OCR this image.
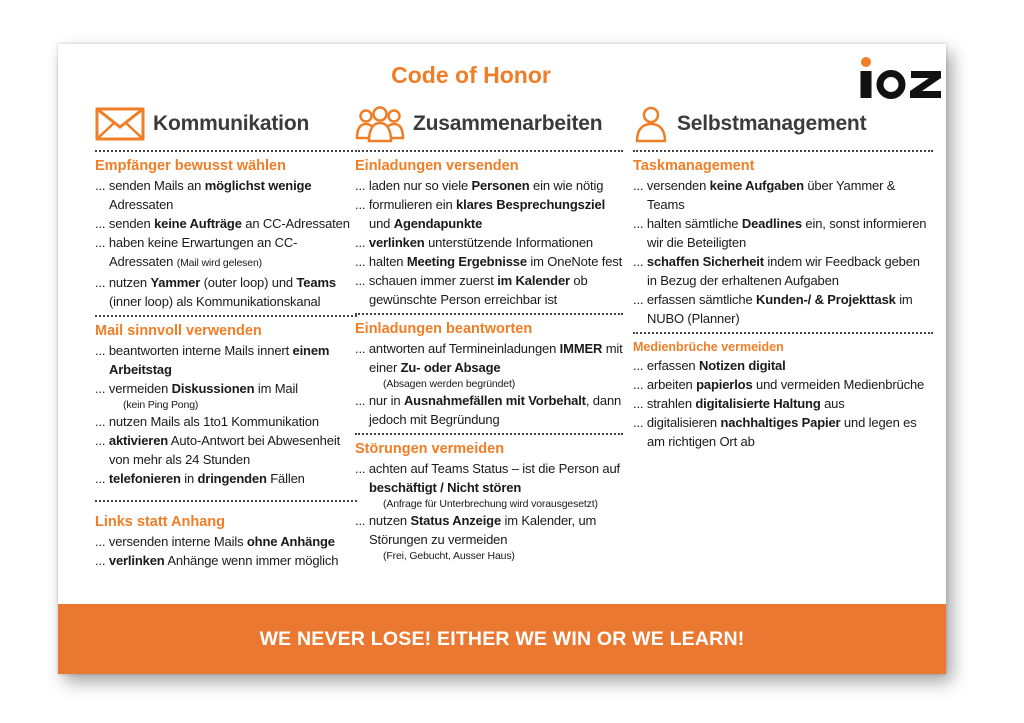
Code of Honor
Kommunikation
Empfänger bewusst wählen
... senden Mails an möglichst wenige Adressaten
... senden keine Aufträge an CC-Adressaten
... haben keine Erwartungen an CC-Adressaten (Mail wird gelesen)
... nutzen Yammer (outer loop) und Teams (inner loop) als Kommunikationskanal
Mail sinnvoll verwenden
... beantworten interne Mails innert einem Arbeitstag
... vermeiden Diskussionen im Mail
(kein Ping Pong)
... nutzen Mails als 1to1 Kommunikation
... aktivieren Auto-Antwort bei Abwesenheit von mehr als 24 Stunden
... telefonieren in dringenden Fällen
Links statt Anhang
... versenden interne Mails ohne Anhänge
... verlinken Anhänge wenn immer möglich
Zusammenarbeiten
Einladungen versenden
... laden nur so viele Personen ein wie nötig
... formulieren ein klares Besprechungsziel und Agendapunkte
... verlinken unterstützende Informationen
... halten Meeting Ergebnisse im OneNote fest
... schauen immer zuerst im Kalender ob gewünschte Person erreichbar ist
Einladungen beantworten
... antworten auf Termineinladungen IMMER mit einer Zu- oder Absage
(Absagen werden begründet)
... nur in Ausnahmefällen mit Vorbehalt, dann jedoch mit Begründung
Störungen vermeiden
... achten auf Teams Status – ist die Person auf beschäftigt / Nicht stören
(Anfrage für Unterbrechung wird vorausgesetzt)
... nutzen Status Anzeige im Kalender, um Störungen zu vermeiden
(Frei, Gebucht, Ausser Haus)
Selbstmanagement
Taskmanagement
... versenden keine Aufgaben über Yammer & Teams
... halten sämtliche Deadlines ein, sonst informieren wir die Beteiligten
... schaffen Sicherheit indem wir Feedback geben in Bezug der erhaltenen Aufgaben
... erfassen sämtliche Kunden-/ & Projekttask im NUBO (Planner)
Medienbrüche vermeiden
... erfassen Notizen digital
... arbeiten papierlos und vermeiden Medienbrüche
... strahlen digitalisierte Haltung aus
... digitalisieren nachhaltiges Papier und legen es am richtigen Ort ab
WE NEVER LOSE! EITHER WE WIN OR WE LEARN!
